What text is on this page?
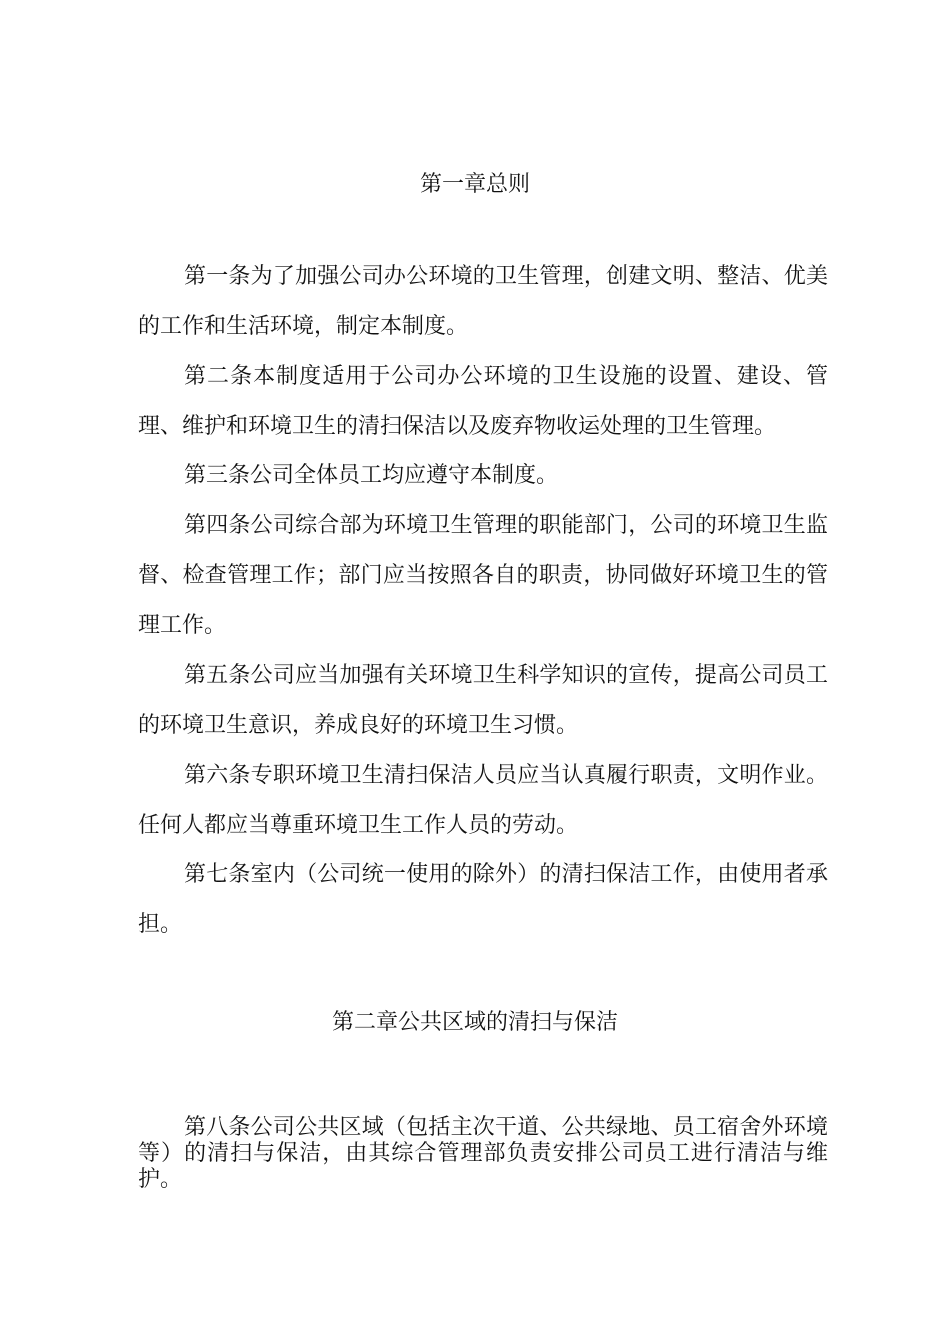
第一章总则

第一条为了加强公司办公环境的卫生管理，创建文明、整洁、优美的工作和生活环境，制定本制度。

第二条本制度适用于公司办公环境的卫生设施的设置、建设、管理、维护和环境卫生的清扫保洁以及废弃物收运处理的卫生管理。

第三条公司全体员工均应遵守本制度。

第四条公司综合部为环境卫生管理的职能部门，公司的环境卫生监督、检查管理工作；部门应当按照各自的职责，协同做好环境卫生的管理工作。

第五条公司应当加强有关环境卫生科学知识的宣传，提高公司员工的环境卫生意识，养成良好的环境卫生习惯。

第六条专职环境卫生清扫保洁人员应当认真履行职责，文明作业。任何人都应当尊重环境卫生工作人员的劳动。

第七条室内（公司统一使用的除外）的清扫保洁工作，由使用者承担。

第二章公共区域的清扫与保洁

第八条公司公共区域（包括主次干道、公共绿地、员工宿舍外环境等）的清扫与保洁，由其综合管理部负责安排公司员工进行清洁与维护。
